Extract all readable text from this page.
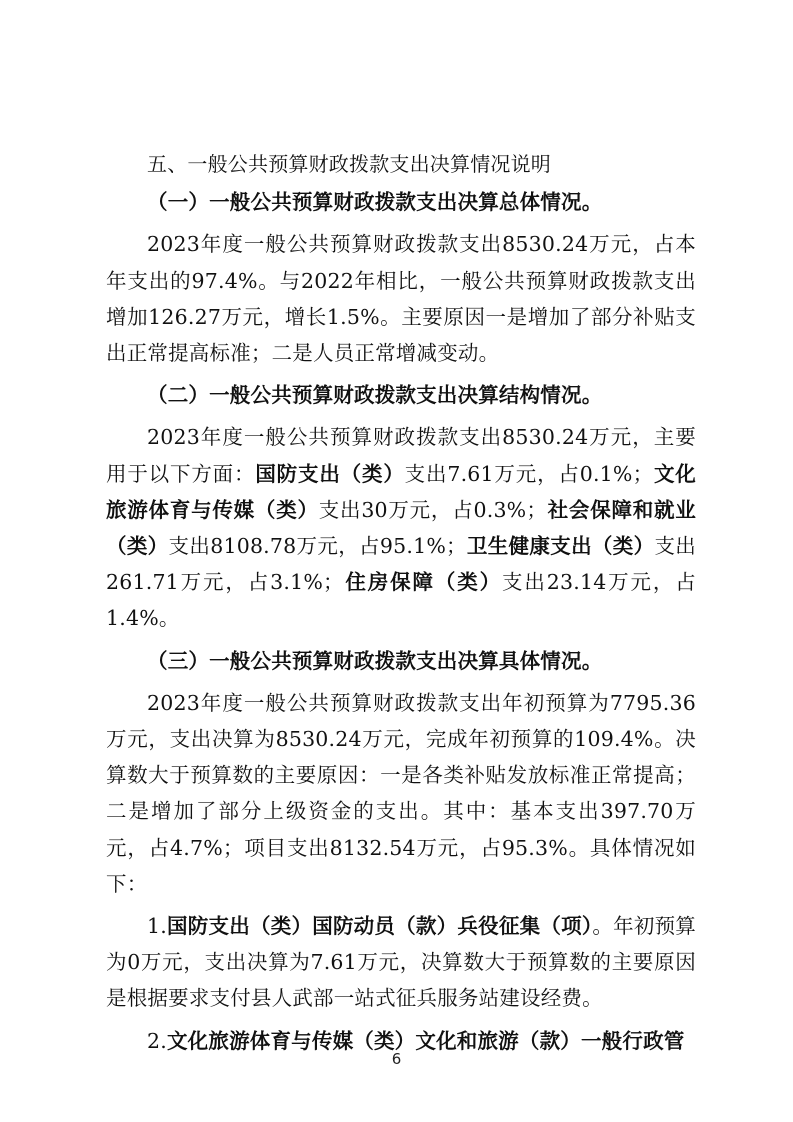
五、一般公共预算财政拨款支出决算情况说明

（一）一般公共预算财政拨款支出决算总体情况。

2023年度一般公共预算财政拨款支出8530.24万元，占本年支出的97.4%。与2022年相比，一般公共预算财政拨款支出增加126.27万元，增长1.5%。主要原因一是增加了部分补贴支出正常提高标准；二是人员正常增减变动。

（二）一般公共预算财政拨款支出决算结构情况。

2023年度一般公共预算财政拨款支出8530.24万元，主要用于以下方面：国防支出（类）支出7.61万元，占0.1%；文化旅游体育与传媒（类）支出30万元，占0.3%；社会保障和就业（类）支出8108.78万元，占95.1%；卫生健康支出（类）支出261.71万元，占3.1%；住房保障（类）支出23.14万元，占1.4%。

（三）一般公共预算财政拨款支出决算具体情况。

2023年度一般公共预算财政拨款支出年初预算为7795.36万元，支出决算为8530.24万元，完成年初预算的109.4%。决算数大于预算数的主要原因：一是各类补贴发放标准正常提高；二是增加了部分上级资金的支出。其中：基本支出397.70万元，占4.7%；项目支出8132.54万元，占95.3%。具体情况如下：

1.国防支出（类）国防动员（款）兵役征集（项）。年初预算为0万元，支出决算为7.61万元，决算数大于预算数的主要原因是根据要求支付县人武部一站式征兵服务站建设经费。

2.文化旅游体育与传媒（类）文化和旅游（款）一般行政管

6
